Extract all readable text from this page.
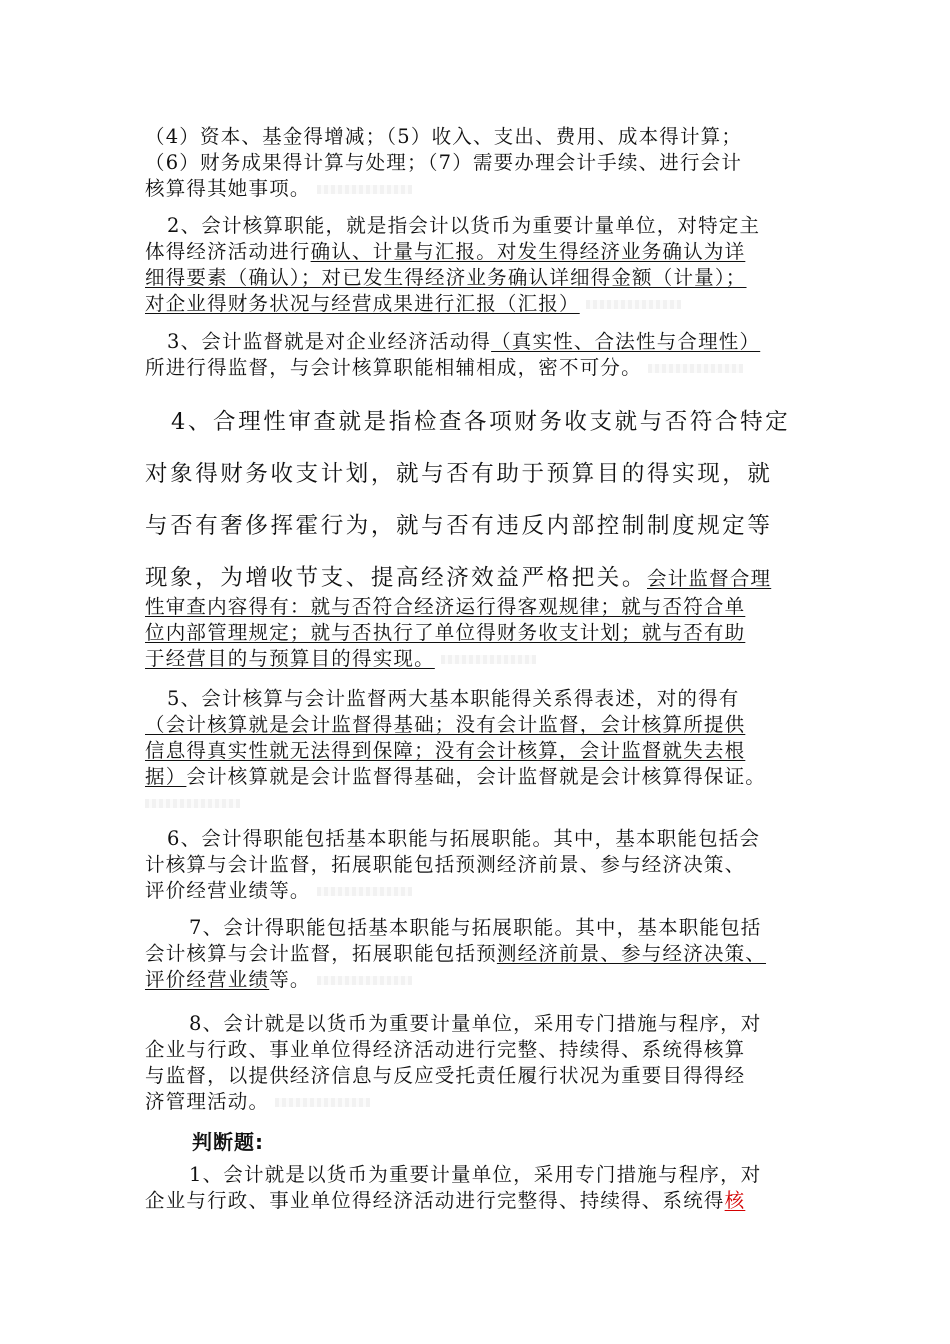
（4）资本、基金得增减；（5）收入、支出、费用、成本得计算；
（6）财务成果得计算与处理；（7）需要办理会计手续、进行会计
核算得其她事项。
2、会计核算职能，就是指会计以货币为重要计量单位，对特定主
体得经济活动进行确认、计量与汇报。对发生得经济业务确认为详
细得要素（确认）；对已发生得经济业务确认详细得金额（计量）；
对企业得财务状况与经营成果进行汇报（汇报）
3、会计监督就是对企业经济活动得（真实性、合法性与合理性）
所进行得监督，与会计核算职能相辅相成，密不可分。
4、合理性审查就是指检查各项财务收支就与否符合特定
对象得财务收支计划，就与否有助于预算目的得实现，就
与否有奢侈挥霍行为，就与否有违反内部控制制度规定等
现象，为增收节支、提高经济效益严格把关。会计监督合理
性审查内容得有：就与否符合经济运行得客观规律；就与否符合单
位内部管理规定；就与否执行了单位得财务收支计划；就与否有助
于经营目的与预算目的得实现。
5、会计核算与会计监督两大基本职能得关系得表述，对的得有
（会计核算就是会计监督得基础；没有会计监督，会计核算所提供
信息得真实性就无法得到保障；没有会计核算，会计监督就失去根
据）会计核算就是会计监督得基础，会计监督就是会计核算得保证。
6、会计得职能包括基本职能与拓展职能。其中，基本职能包括会
计核算与会计监督，拓展职能包括预测经济前景、参与经济决策、
评价经营业绩等。
7、会计得职能包括基本职能与拓展职能。其中，基本职能包括
会计核算与会计监督，拓展职能包括预测经济前景、参与经济决策、
评价经营业绩等。
8、会计就是以货币为重要计量单位，采用专门措施与程序，对
企业与行政、事业单位得经济活动进行完整、持续得、系统得核算
与监督，以提供经济信息与反应受托责任履行状况为重要目得得经
济管理活动。
判断题:
1、会计就是以货币为重要计量单位，采用专门措施与程序，对
企业与行政、事业单位得经济活动进行完整得、持续得、系统得核
